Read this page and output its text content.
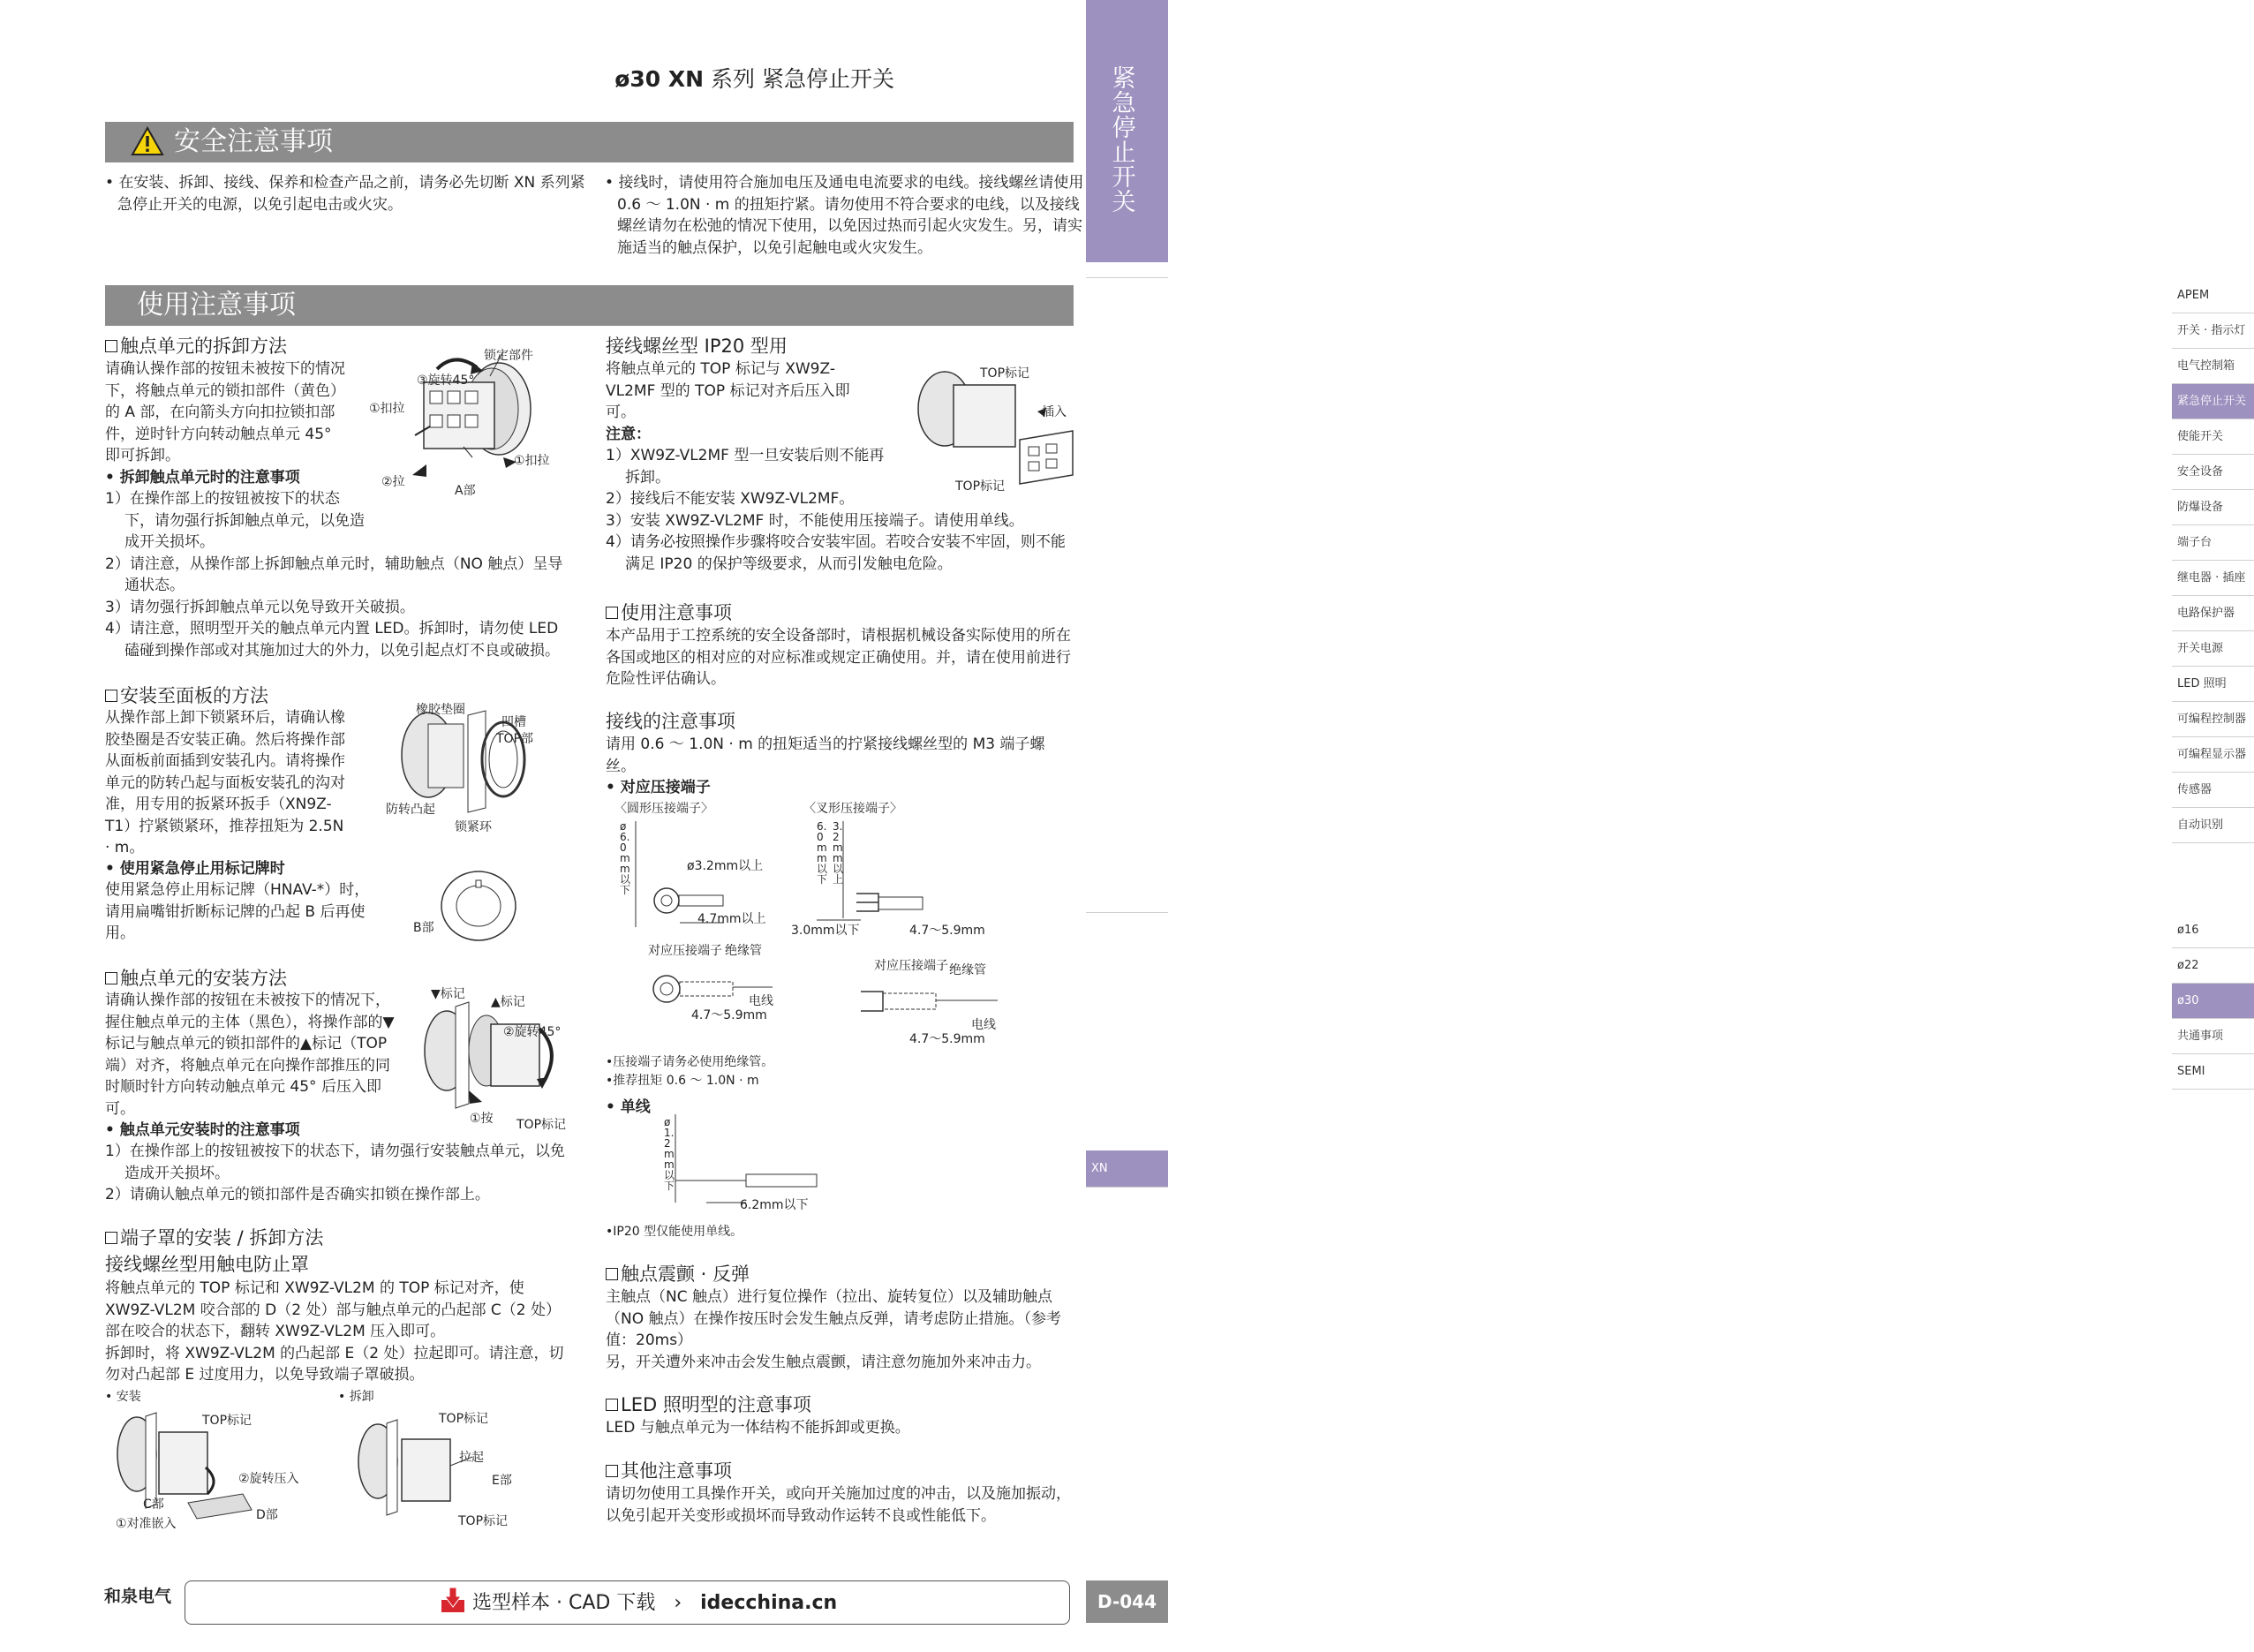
ø30 XN 系列 紧急停止开关
安全注意事项
• 在安装、拆卸、接线、保养和检查产品之前，请务必先切断 XN 系列紧急停止开关的电源，以免引起电击或火灾。
• 接线时，请使用符合施加电压及通电电流要求的电线。接线螺丝请使用 0.6 ～ 1.0N · m 的扭矩拧紧。请勿使用不符合要求的电线，以及接线螺丝请勿在松弛的情况下使用，以免因过热而引起火灾发生。另，请实施适当的触点保护，以免引起触电或火灾发生。
使用注意事项
触点单元的拆卸方法
请确认操作部的按钮未被按下的情况下，将触点单元的锁扣部件（黄色）的 A 部，在向箭头方向扣拉锁扣部件，逆时针方向转动触点单元 45° 即可拆卸。
锁定部件
③旋转45°
①扣拉
①扣拉
②拉
A部
• 拆卸触点单元时的注意事项
1）在操作部上的按钮被按下的状态下，请勿强行拆卸触点单元，以免造成开关损坏。
2）请注意，从操作部上拆卸触点单元时，辅助触点（NO 触点）呈导通状态。
3）请勿强行拆卸触点单元以免导致开关破损。
4）请注意，照明型开关的触点单元内置 LED。拆卸时，请勿使 LED 磕碰到操作部或对其施加过大的外力，以免引起点灯不良或破损。
安装至面板的方法
从操作部上卸下锁紧环后，请确认橡胶垫圈是否安装正确。然后将操作部从面板前面插到安装孔内。请将操作单元的防转凸起与面板安装孔的沟对准，用专用的扳紧环扳手（XN9Z-T1）拧紧锁紧环，推荐扭矩为 2.5N · m。
橡胶垫圈
凹槽
TOP部
防转凸起
锁紧环
• 使用紧急停止用标记牌时
使用紧急停止用标记牌（HNAV-*）时，请用扁嘴钳折断标记牌的凸起 B 后再使用。	B部
触点单元的安装方法
请确认操作部的按钮在未被按下的情况下，握住触点单元的主体（黑色），将操作部的▼标记与触点单元的锁扣部件的▲标记（TOP 端）对齐，将触点单元在向操作部推压的同时顺时针方向转动触点单元 45° 后压入即可。
▼标记
▲标记
②旋转45°
①按 TOP标记
• 触点单元安装时的注意事项
1）在操作部上的按钮被按下的状态下，请勿强行安装触点单元，以免造成开关损坏。
2）请确认触点单元的锁扣部件是否确实扣锁在操作部上。
端子罩的安装 / 拆卸方法
接线螺丝型用触电防止罩
将触点单元的 TOP 标记和 XW9Z-VL2M 的 TOP 标记对齐，使 XW9Z-VL2M 咬合部的 D（2 处）部与触点单元的凸起部 C（2 处）部在咬合的状态下，翻转 XW9Z-VL2M 压入即可。
拆卸时，将 XW9Z-VL2M 的凸起部 E（2 处）拉起即可。请注意，切勿对凸起部 E 过度用力，以免导致端子罩破损。
• 安装	• 拆卸
TOP标记
②旋转压入
C部
①对准嵌入
D部
TOP标记
拉起
E部
TOP标记
接线螺丝型 IP20 型用
将触点单元的 TOP 标记与 XW9Z-VL2MF 型的 TOP 标记对齐后压入即可。
注意：
1）XW9Z-VL2MF 型一旦安装后则不能再拆卸。
2）接线后不能安装 XW9Z-VL2MF。
3）安装 XW9Z-VL2MF 时，不能使用压接端子。请使用单线。
4）请务必按照操作步骤将咬合安装牢固。若咬合安装不牢固，则不能满足 IP20 的保护等级要求，从而引发触电危险。
TOP标记
插入
TOP标记
使用注意事项
本产品用于工控系统的安全设备部时，请根据机械设备实际使用的所在各国或地区的相对应的对应标准或规定正确使用。并，请在使用前进行危险性评估确认。
接线的注意事项
请用 0.6 ～ 1.0N · m 的扭矩适当的拧紧接线螺丝型的 M3 端子螺丝。
• 对应压接端子
〈圆形压接端子〉	〈叉形压接端子〉
ø6.0mm以下
ø3.2mm以上
4.7mm以上
6.0mm以下
3.2mm以上
3.0mm以下	4.7～5.9mm
对应压接端子 绝缘管
电线
4.7～5.9mm
对应压接端子 绝缘管
电线
4.7～5.9mm
•压接端子请务必使用绝缘管。
•推荐扭矩 0.6 ～ 1.0N · m
• 单线
ø1.2mm以下
6.2mm以下
•IP20 型仅能使用单线。
触点震颤 · 反弹
主触点（NC 触点）进行复位操作（拉出、旋转复位）以及辅助触点（NO 触点）在操作按压时会发生触点反弹，请考虑防止措施。（参考值：20ms）
另，开关遭外来冲击会发生触点震颤，请注意勿施加外来冲击力。
LED 照明型的注意事项
LED 与触点单元为一体结构不能拆卸或更换。
其他注意事项
请切勿使用工具操作开关，或向开关施加过度的冲击，以及施加振动，以免引起开关变形或损坏而导致动作运转不良或性能低下。
紧急停止开关
APEM
开关 · 指示灯
电气控制箱
紧急停止开关
使能开关
安全设备
防爆设备
端子台
继电器 · 插座
电路保护器
开关电源
LED 照明
可编程控制器
可编程显示器
传感器
自动识别
ø16
ø22
ø30
共通事项
SEMI
XN
和泉电气	选型样本 · CAD 下载 › idecchina.cn	D-044
